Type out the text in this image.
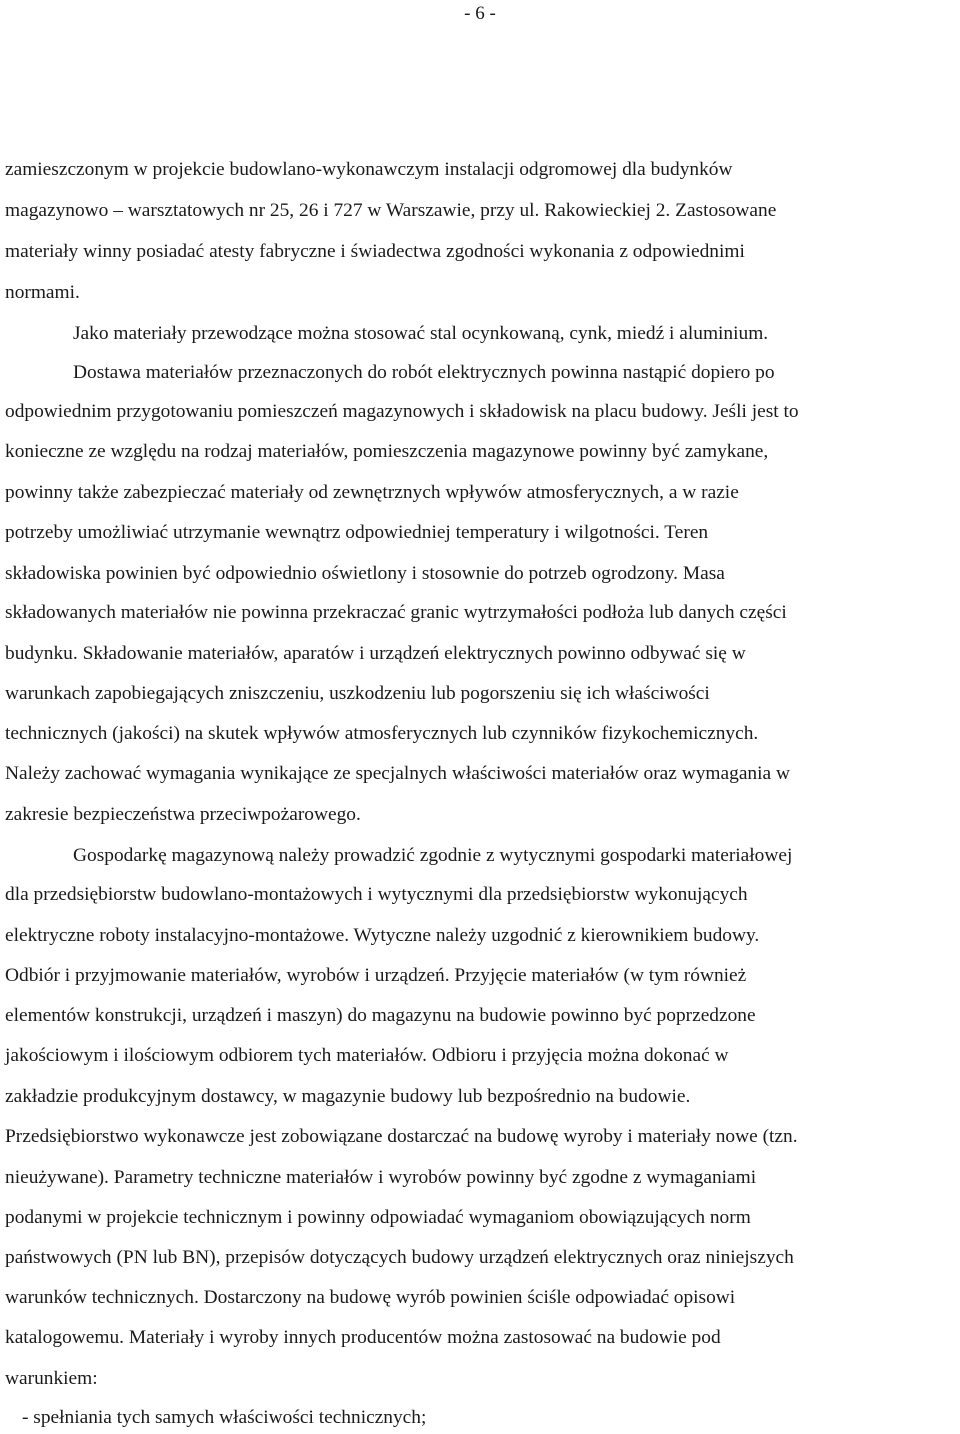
- 6 -
zamieszczonym w projekcie budowlano-wykonawczym instalacji odgromowej dla budynków
magazynowo – warsztatowych nr 25, 26 i 727 w Warszawie, przy ul. Rakowieckiej 2. Zastosowane
materiały winny posiadać atesty fabryczne i świadectwa zgodności wykonania z odpowiednimi
normami.
Jako materiały przewodzące można stosować stal ocynkowaną, cynk, miedź i aluminium.
Dostawa materiałów przeznaczonych do robót elektrycznych powinna nastąpić dopiero po
odpowiednim przygotowaniu pomieszczeń magazynowych i składowisk na placu budowy. Jeśli jest to
konieczne ze względu na rodzaj materiałów, pomieszczenia magazynowe powinny być zamykane,
powinny także zabezpieczać materiały od zewnętrznych wpływów atmosferycznych, a w razie
potrzeby umożliwiać utrzymanie wewnątrz odpowiedniej temperatury i wilgotności. Teren
składowiska powinien być odpowiednio oświetlony i stosownie do potrzeb ogrodzony. Masa
składowanych materiałów nie powinna przekraczać granic wytrzymałości podłoża lub danych części
budynku. Składowanie materiałów, aparatów i urządzeń elektrycznych powinno odbywać się w
warunkach zapobiegających zniszczeniu, uszkodzeniu lub pogorszeniu się ich właściwości
technicznych (jakości) na skutek wpływów atmosferycznych lub czynników fizykochemicznych.
Należy zachować wymagania wynikające ze specjalnych właściwości materiałów oraz wymagania w
zakresie bezpieczeństwa przeciwpożarowego.
Gospodarkę magazynową należy prowadzić zgodnie z wytycznymi gospodarki materiałowej
dla przedsiębiorstw budowlano-montażowych i wytycznymi dla przedsiębiorstw wykonujących
elektryczne roboty instalacyjno-montażowe. Wytyczne należy uzgodnić z kierownikiem budowy.
Odbiór i przyjmowanie materiałów, wyrobów i urządzeń. Przyjęcie materiałów (w tym również
elementów konstrukcji, urządzeń i maszyn) do magazynu na budowie powinno być poprzedzone
jakościowym i ilościowym odbiorem tych materiałów. Odbioru i przyjęcia można dokonać w
zakładzie produkcyjnym dostawcy, w magazynie budowy lub bezpośrednio na budowie.
Przedsiębiorstwo wykonawcze jest zobowiązane dostarczać na budowę wyroby i materiały nowe (tzn.
nieużywane). Parametry techniczne materiałów i wyrobów powinny być zgodne z wymaganiami
podanymi w projekcie technicznym i powinny odpowiadać wymaganiom obowiązujących norm
państwowych (PN lub BN), przepisów dotyczących budowy urządzeń elektrycznych oraz niniejszych
warunków technicznych. Dostarczony na budowę wyrób powinien ściśle odpowiadać opisowi
katalogowemu. Materiały i wyroby innych producentów można zastosować na budowie pod
warunkiem:
- spełniania tych samych właściwości technicznych;
